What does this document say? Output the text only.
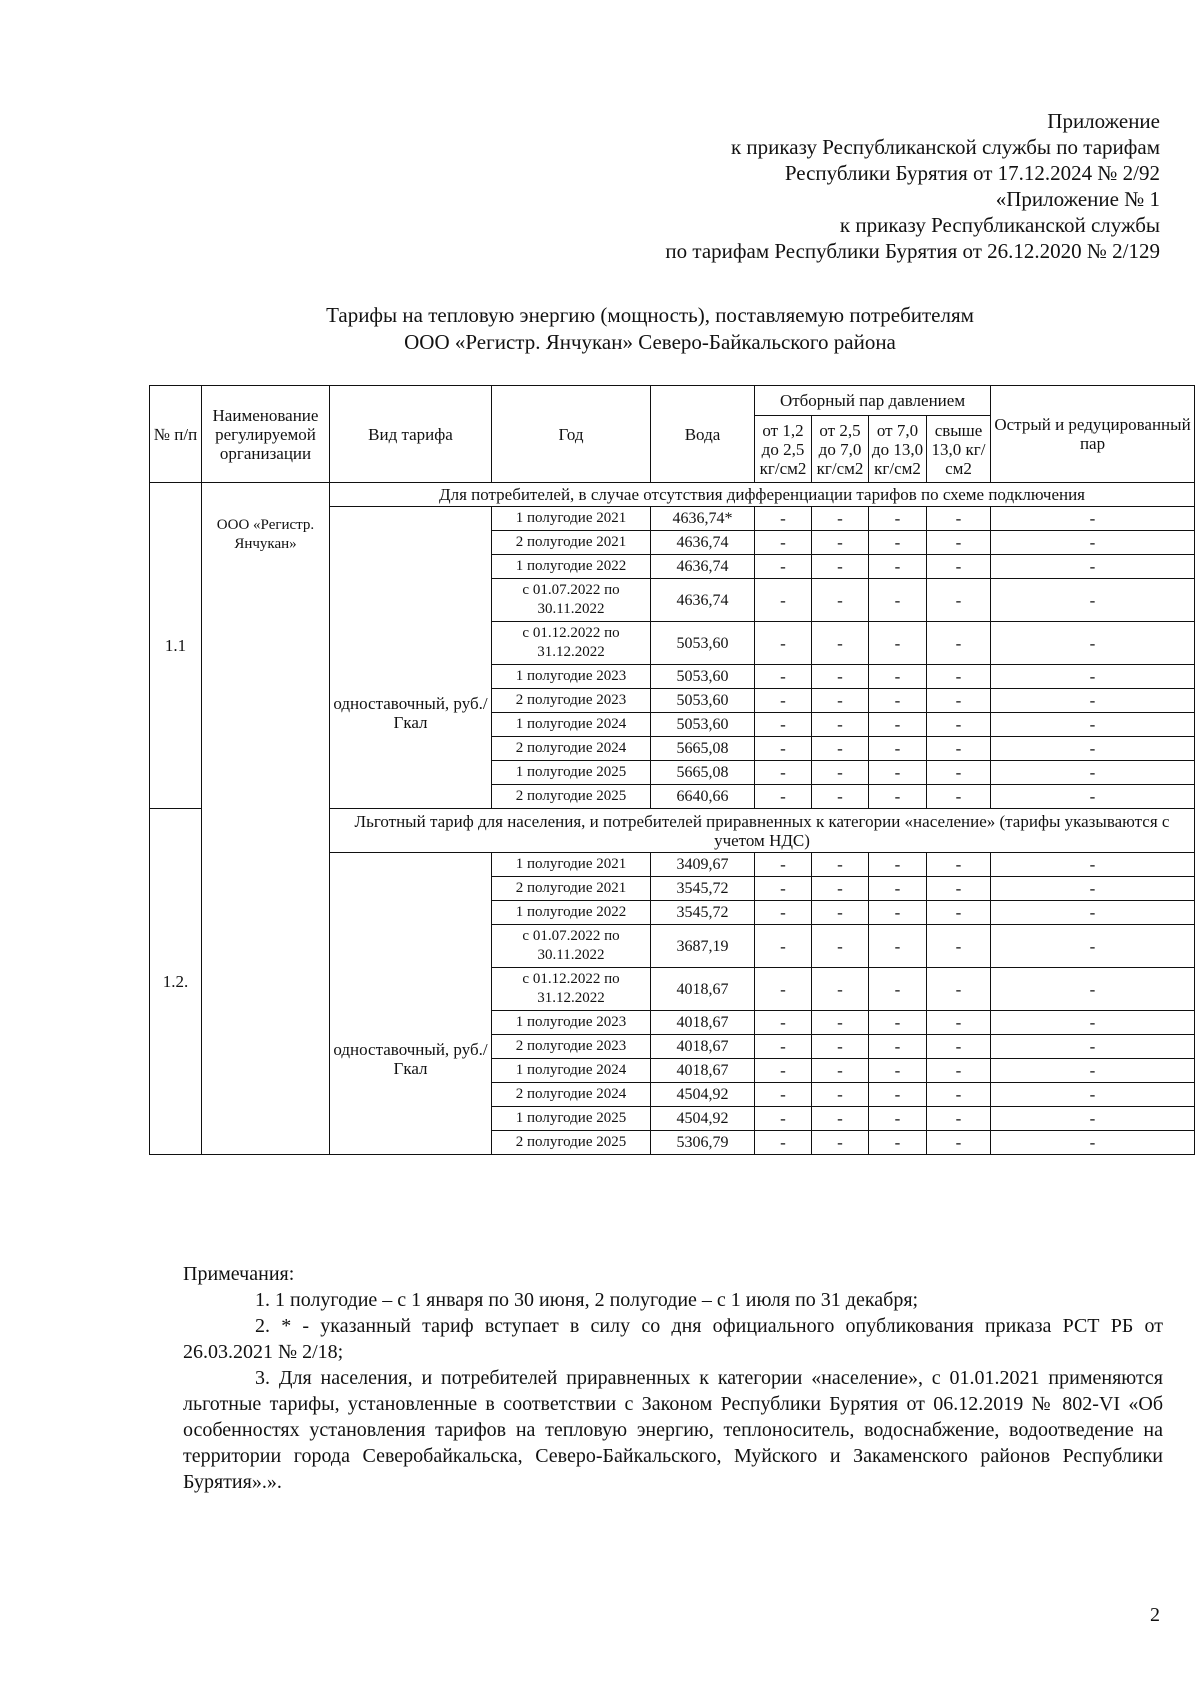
Приложение
к приказу Республиканской службы по тарифам
Республики Бурятия от 17.12.2024 № 2/92
«Приложение № 1
к приказу Республиканской службы
по тарифам Республики Бурятия от 26.12.2020 № 2/129
Тарифы на тепловую энергию (мощность), поставляемую потребителям
ООО «Регистр. Янчукан» Северо-Байкальского района
№ п/п	Наименование регулируемой организации	Вид тарифа	Год	Вода	Отборный пар давлением				Острый и редуцированный пар
					от 1,2 до 2,5 кг/см2	от 2,5 до 7,0 кг/см2	от 7,0 до 13,0 кг/см2	свыше 13,0 кг/см2	
1.1	ООО «Регистр. Янчукан»	Для потребителей, в случае отсутствия дифференциации тарифов по схеме подключения							
		одноставочный, руб./Гкал	1 полугодие 2021	4636,74*	-	-	-	-	-
			2 полугодие 2021	4636,74	-	-	-	-	-
			1 полугодие 2022	4636,74	-	-	-	-	-
			с 01.07.2022 по 30.11.2022	4636,74	-	-	-	-	-
			с 01.12.2022 по 31.12.2022	5053,60	-	-	-	-	-
			1 полугодие 2023	5053,60	-	-	-	-	-
			2 полугодие 2023	5053,60	-	-	-	-	-
			1 полугодие 2024	5053,60	-	-	-	-	-
			2 полугодие 2024	5665,08	-	-	-	-	-
			1 полугодие 2025	5665,08	-	-	-	-	-
			2 полугодие 2025	6640,66	-	-	-	-	-
1.2.		Льготный тариф для населения, и потребителей приравненных к категории «население» (тарифы указываются с учетом НДС)							
		одноставочный, руб./Гкал	1 полугодие 2021	3409,67	-	-	-	-	-
			2 полугодие 2021	3545,72	-	-	-	-	-
			1 полугодие 2022	3545,72	-	-	-	-	-
			с 01.07.2022 по 30.11.2022	3687,19	-	-	-	-	-
			с 01.12.2022 по 31.12.2022	4018,67	-	-	-	-	-
			1 полугодие 2023	4018,67	-	-	-	-	-
			2 полугодие 2023	4018,67	-	-	-	-	-
			1 полугодие 2024	4018,67	-	-	-	-	-
			2 полугодие 2024	4504,92	-	-	-	-	-
			1 полугодие 2025	4504,92	-	-	-	-	-
			2 полугодие 2025	5306,79	-	-	-	-	-

Примечания:

1. 1 полугодие – с 1 января по 30 июня, 2 полугодие – с 1 июля по 31 декабря;

2. * - указанный тариф вступает в силу со дня официального опубликования приказа РСТ РБ от 26.03.2021 № 2/18;

3. Для населения, и потребителей приравненных к категории «население», с 01.01.2021 применяются льготные тарифы, установленные в соответствии с Законом Республики Бурятия от 06.12.2019 № 802-VI «Об особенностях установления тарифов на тепловую энергию, теплоноситель, водоснабжение, водоотведение на территории города Северобайкальска, Северо-Байкальского, Муйского и Закаменского районов Республики Бурятия».».

2
